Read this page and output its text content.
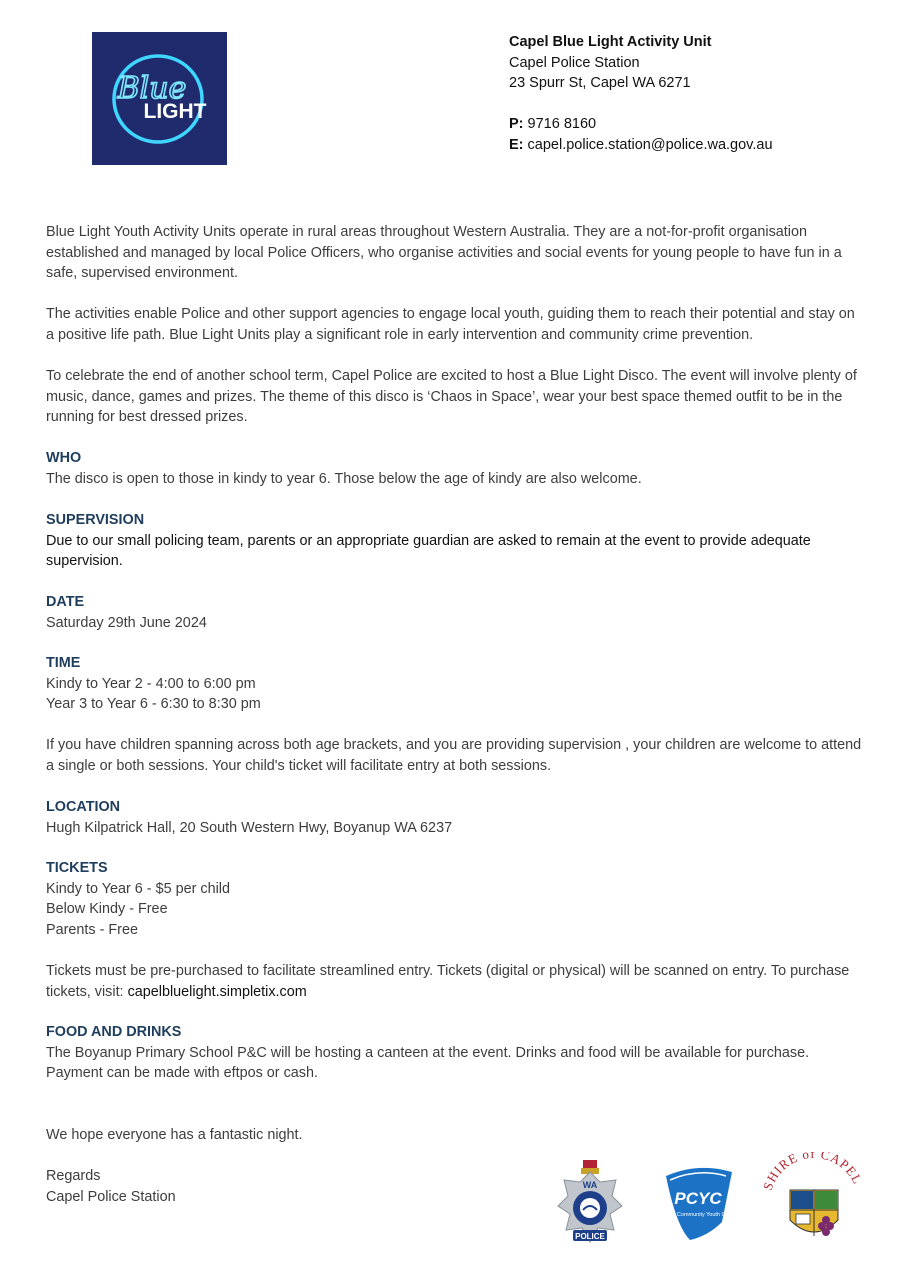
Blue
LIGHT
Capel Blue Light Activity Unit
Capel Police Station
23 Spurr St, Capel WA 6271
P: 9716 8160
E: capel.police.station@police.wa.gov.au

Blue Light Youth Activity Units operate in rural areas throughout Western Australia. They are a not-for-profit organisation established and managed by local Police Officers, who organise activities and social events for young people to have fun in a safe, supervised environment.

The activities enable Police and other support agencies to engage local youth, guiding them to reach their potential and stay on a positive life path. Blue Light Units play a significant role in early intervention and community crime prevention.

To celebrate the end of another school term, Capel Police are excited to host a Blue Light Disco. The event will involve plenty of music, dance, games and prizes. The theme of this disco is ‘Chaos in Space’, wear your best space themed outfit to be in the running for best dressed prizes.

WHO

The disco is open to those in kindy to year 6. Those below the age of kindy are also welcome.

SUPERVISION

Due to our small policing team, parents or an appropriate guardian are asked to remain at the event to provide adequate supervision.

DATE

Saturday 29th June 2024

TIME

Kindy to Year 2 - 4:00 to 6:00 pm

Year 3 to Year 6 - 6:30 to 8:30 pm

If you have children spanning across both age brackets, and you are providing supervision , your children are welcome to attend a single or both sessions. Your child's ticket will facilitate entry at both sessions.

LOCATION

Hugh Kilpatrick Hall, 20 South Western Hwy, Boyanup WA 6237

TICKETS

Kindy to Year 6 - $5 per child

Below Kindy - Free

Parents - Free

Tickets must be pre-purchased to facilitate streamlined entry. Tickets (digital or physical) will be scanned on entry. To purchase tickets, visit: capelbluelight.simpletix.com

FOOD AND DRINKS

The Boyanup Primary School P&C will be hosting a canteen at the event. Drinks and food will be available for purchase. Payment can be made with eftpos or cash.

We hope everyone has a fantastic night.

Regards

Capel Police Station

WA
POLICE
PCYC
Police & Community Youth Centres
SHIRE of CAPEL
